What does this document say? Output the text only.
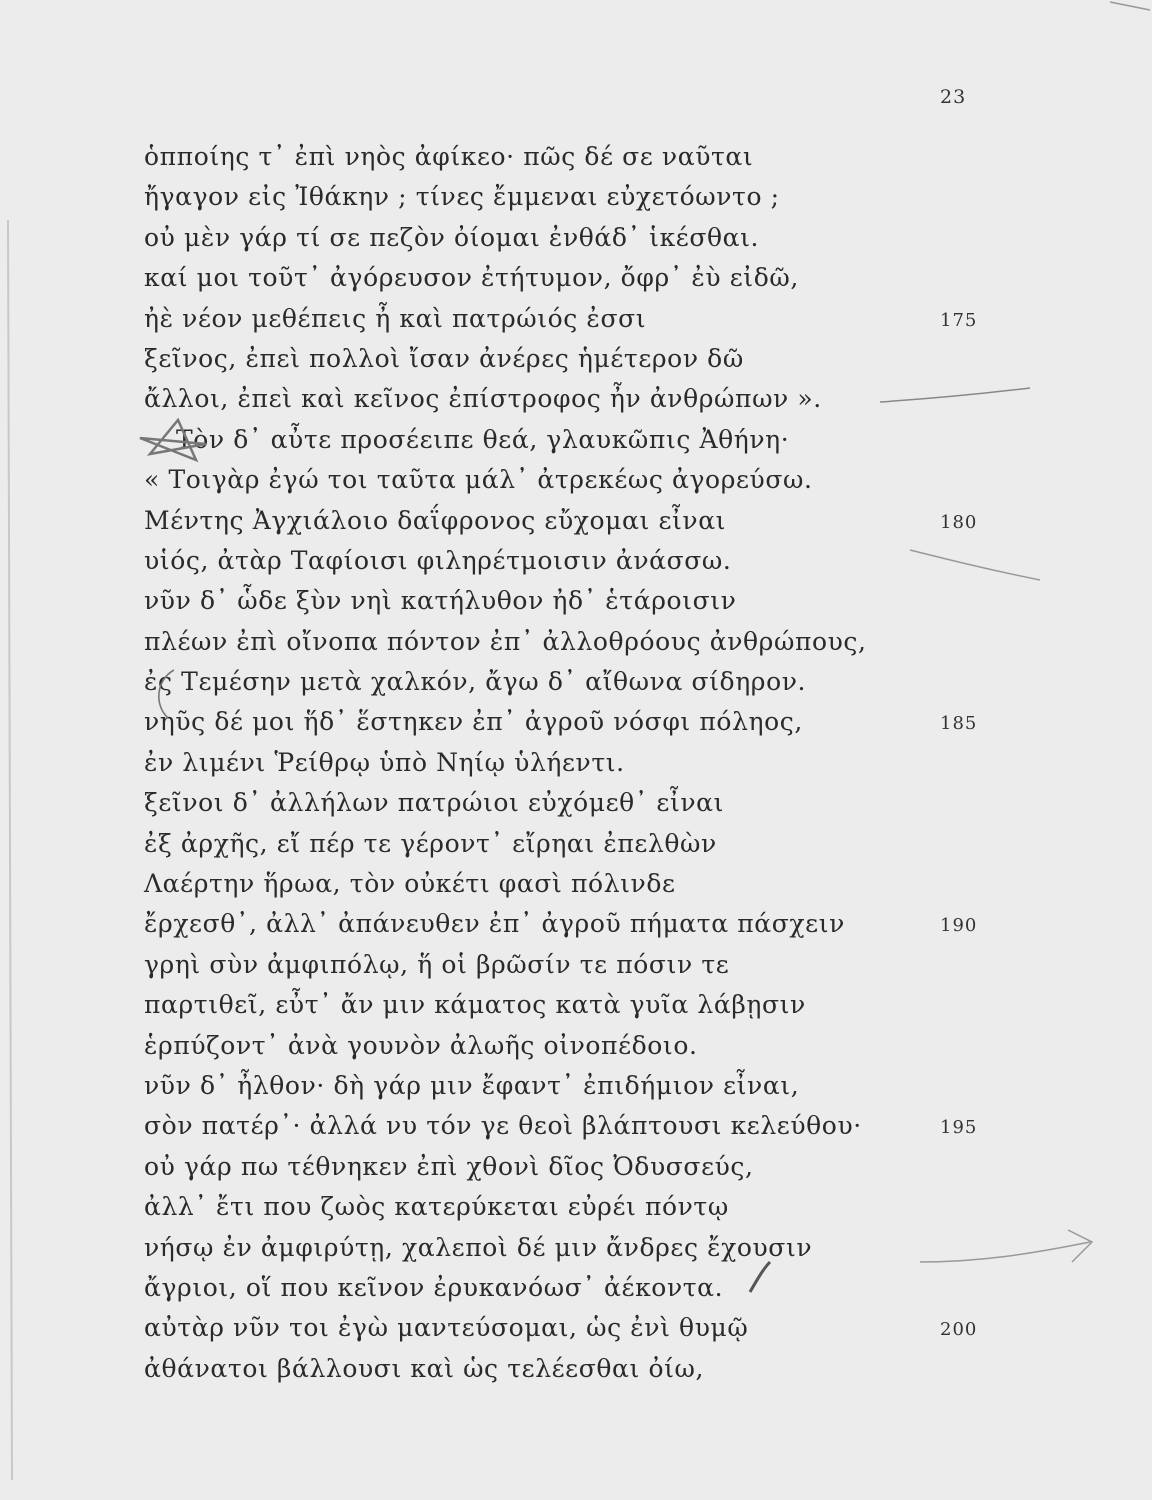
23
ὁπποίης τ᾽ ἐπὶ νηὸς ἀφίκεο· πῶς δέ σε ναῦται
ἤγαγον εἰς Ἰθάκην ; τίνες ἔμμεναι εὐχετόωντο ;
οὐ μὲν γάρ τί σε πεζὸν ὀίομαι ἐνθάδ᾽ ἱκέσθαι.
καί μοι τοῦτ᾽ ἀγόρευσον ἐτήτυμον, ὄφρ᾽ ἐὺ εἰδῶ,
ἠὲ νέον μεθέπεις ἦ καὶ πατρώιός ἐσσι	175
ξεῖνος, ἐπεὶ πολλοὶ ἴσαν ἀνέρες ἡμέτερον δῶ
ἄλλοι, ἐπεὶ καὶ κεῖνος ἐπίστροφος ἦν ἀνθρώπων ».
Τὸν δ᾽ αὖτε προσέειπε θεά, γλαυκῶπις Ἀθήνη·
« Τοιγὰρ ἐγώ τοι ταῦτα μάλ᾽ ἀτρεκέως ἀγορεύσω.
Μέντης Ἀγχιάλοιο δαΐφρονος εὔχομαι εἶναι	180
υἱός, ἀτὰρ Ταφίοισι φιληρέτμοισιν ἀνάσσω.
νῦν δ᾽ ὧδε ξὺν νηὶ κατήλυθον ἠδ᾽ ἑτάροισιν
πλέων ἐπὶ οἴνοπα πόντον ἐπ᾽ ἀλλοθρόους ἀνθρώπους,
ἐς Τεμέσην μετὰ χαλκόν, ἄγω δ᾽ αἴθωνα σίδηρον.
νηῦς δέ μοι ἥδ᾽ ἕστηκεν ἐπ᾽ ἀγροῦ νόσφι πόληος,	185
ἐν λιμένι Ῥείθρῳ ὑπὸ Νηίῳ ὑλήεντι.
ξεῖνοι δ᾽ ἀλλήλων πατρώιοι εὐχόμεθ᾽ εἶναι
ἐξ ἀρχῆς, εἴ πέρ τε γέροντ᾽ εἴρηαι ἐπελθὼν
Λαέρτην ἥρωα, τὸν οὐκέτι φασὶ πόλινδε
ἔρχεσθ᾽, ἀλλ᾽ ἀπάνευθεν ἐπ᾽ ἀγροῦ πήματα πάσχειν	190
γρηὶ σὺν ἀμφιπόλῳ, ἥ οἱ βρῶσίν τε πόσιν τε
παρτιθεῖ, εὖτ᾽ ἄν μιν κάματος κατὰ γυῖα λάβῃσιν
ἑρπύζοντ᾽ ἀνὰ γουνὸν ἀλωῆς οἰνοπέδοιο.
νῦν δ᾽ ἦλθον· δὴ γάρ μιν ἔφαντ᾽ ἐπιδήμιον εἶναι,
σὸν πατέρ᾽· ἀλλά νυ τόν γε θεοὶ βλάπτουσι κελεύθου·	195
οὐ γάρ πω τέθνηκεν ἐπὶ χθονὶ δῖος Ὀδυσσεύς,
ἀλλ᾽ ἔτι που ζωὸς κατερύκεται εὐρέι πόντῳ
νήσῳ ἐν ἀμφιρύτῃ, χαλεποὶ δέ μιν ἄνδρες ἔχουσιν
ἄγριοι, οἵ που κεῖνον ἐρυκανόωσ᾽ ἀέκοντα.
αὐτὰρ νῦν τοι ἐγὼ μαντεύσομαι, ὡς ἐνὶ θυμῷ	200
ἀθάνατοι βάλλουσι καὶ ὡς τελέεσθαι ὀίω,
